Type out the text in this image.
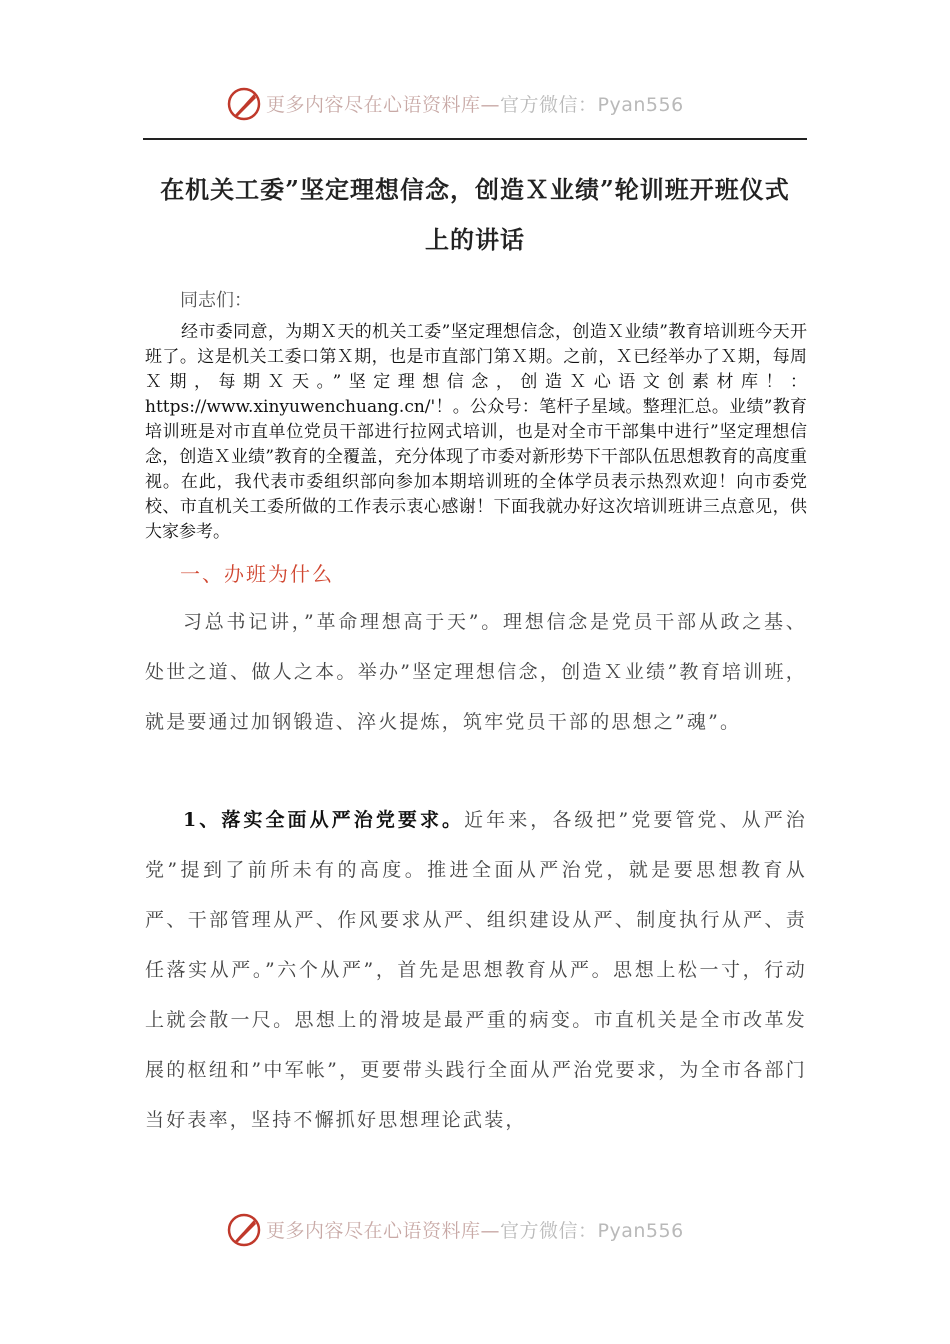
更多内容尽在心语资料库—官方微信：Pyan556
在机关工委”坚定理想信念，创造Ｘ业绩”轮训班开班仪式
上的讲话
同志们：
经市委同意，为期Ｘ天的机关工委”坚定理想信念，创造Ｘ业绩”教育培训班今天开班了。这是机关工委口第Ｘ期，也是市直部门第Ｘ期。之前，Ｘ已经举办了Ｘ期，每周Ｘ期，每期Ｘ天。”坚定理想信念，创造Ｘ心语文创素材库！：https://www.xinyuwenchuang.cn/'！。公众号：笔杆子星域。整理汇总。业绩”教育培训班是对市直单位党员干部进行拉网式培训，也是对全市干部集中进行”坚定理想信念，创造Ｘ业绩”教育的全覆盖，充分体现了市委对新形势下干部队伍思想教育的高度重视。在此，我代表市委组织部向参加本期培训班的全体学员表示热烈欢迎！向市委党校、市直机关工委所做的工作表示衷心感谢！下面我就办好这次培训班讲三点意见，供大家参考。
一、办班为什么
习总书记讲，”革命理想高于天”。理想信念是党员干部从政之基、处世之道、做人之本。举办”坚定理想信念，创造Ｘ业绩”教育培训班，就是要通过加钢锻造、淬火提炼，筑牢党员干部的思想之”魂”。
1、落实全面从严治党要求。近年来，各级把”党要管党、从严治党”提到了前所未有的高度。推进全面从严治党，就是要思想教育从严、干部管理从严、作风要求从严、组织建设从严、制度执行从严、责任落实从严。”六个从严”，首先是思想教育从严。思想上松一寸，行动上就会散一尺。思想上的滑坡是最严重的病变。市直机关是全市改革发展的枢纽和”中军帐”，更要带头践行全面从严治党要求，为全市各部门当好表率，坚持不懈抓好思想理论武装，
更多内容尽在心语资料库—官方微信：Pyan556
